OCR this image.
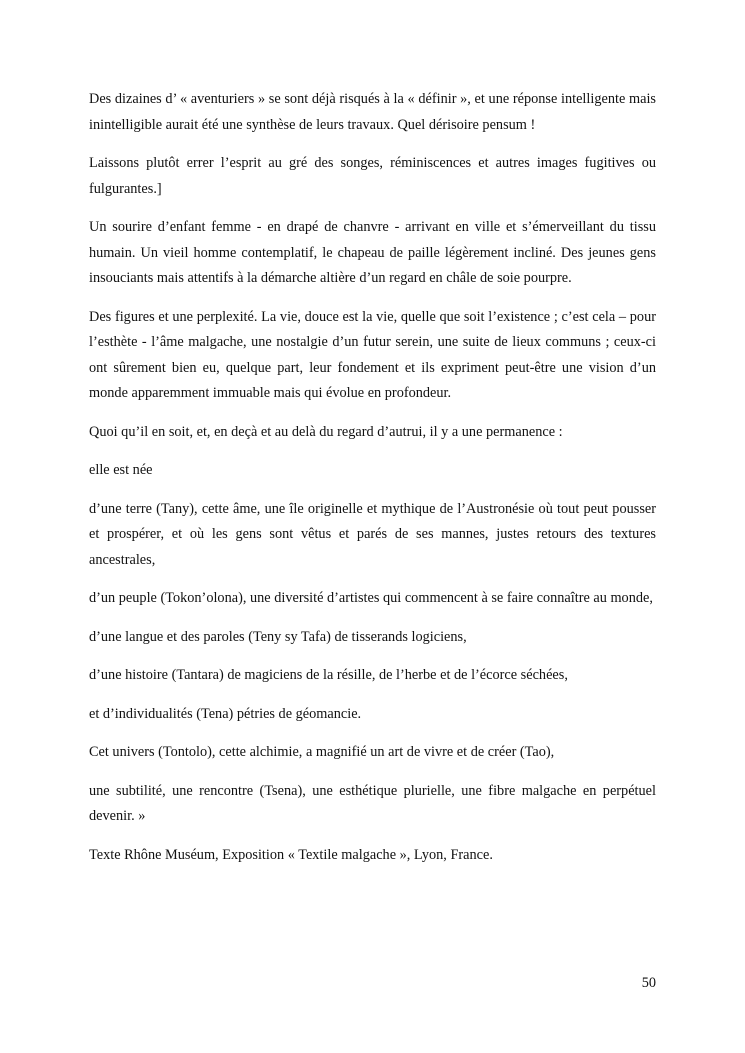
Des dizaines d’ « aventuriers » se sont déjà risqués à la « définir », et une réponse intelligente mais inintelligible aurait été une synthèse de leurs travaux. Quel dérisoire pensum !

Laissons plutôt errer l’esprit au gré des songes, réminiscences et autres images fugitives ou fulgurantes.]

Un sourire d’enfant femme - en drapé de chanvre - arrivant en ville et s’émerveillant du tissu humain. Un vieil homme contemplatif, le chapeau de paille légèrement incliné. Des jeunes gens insouciants mais attentifs à la démarche altière d’un regard en châle de soie pourpre.

Des figures et une perplexité. La vie, douce est la vie, quelle que soit l’existence ; c’est cela – pour l’esthète - l’âme malgache, une nostalgie d’un futur serein, une suite de lieux communs ; ceux-ci ont sûrement bien eu, quelque part, leur fondement et ils expriment peut-être une vision d’un monde apparemment immuable mais qui évolue en profondeur.

Quoi qu’il en soit, et, en deçà et au delà du regard d’autrui, il y a une permanence :

elle est née

d’une terre (Tany), cette âme, une île originelle et mythique de l’Austronésie où tout peut pousser et prospérer, et où les gens sont vêtus et parés de ses mannes, justes retours des textures ancestrales,

d’un peuple (Tokon’olona), une diversité d’artistes qui commencent à se faire connaître au monde,

d’une langue et des paroles (Teny sy Tafa) de tisserands logiciens,

d’une histoire (Tantara) de magiciens de la résille, de l’herbe et de l’écorce séchées,

et d’individualités (Tena) pétries de géomancie.

Cet univers (Tontolo), cette alchimie, a magnifié un art de vivre et de créer (Tao),

une subtilité, une rencontre (Tsena), une esthétique plurielle, une fibre malgache en perpétuel devenir. »

Texte Rhône Muséum, Exposition « Textile malgache », Lyon, France.

50
